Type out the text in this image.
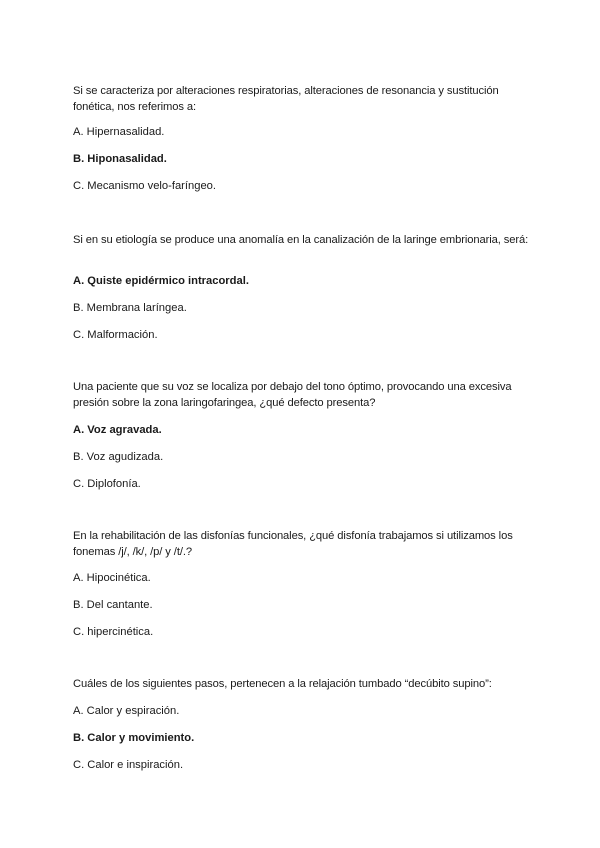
Si se caracteriza por alteraciones respiratorias, alteraciones de resonancia y sustitución fonética, nos referimos a:

A. Hipernasalidad.

B. Hiponasalidad.

C. Mecanismo velo-faríngeo.

Si en su etiología se produce una anomalía en la canalización de la laringe embrionaria, será:

A. Quiste epidérmico intracordal.

B. Membrana laríngea.

C. Malformación.

Una paciente que su voz se localiza por debajo del tono óptimo, provocando una excesiva presión sobre la zona laringofaringea, ¿qué defecto presenta?

A. Voz agravada.

B. Voz agudizada.

C. Diplofonía.

En la rehabilitación de las disfonías funcionales, ¿qué disfonía trabajamos si utilizamos los fonemas /j/, /k/, /p/ y /t/.?

A. Hipocinética.

B. Del cantante.

C. hipercinética.

Cuáles de los siguientes pasos, pertenecen a la relajación tumbado “decúbito supino”:

A. Calor y espiración.

B. Calor y movimiento.

C. Calor e inspiración.
